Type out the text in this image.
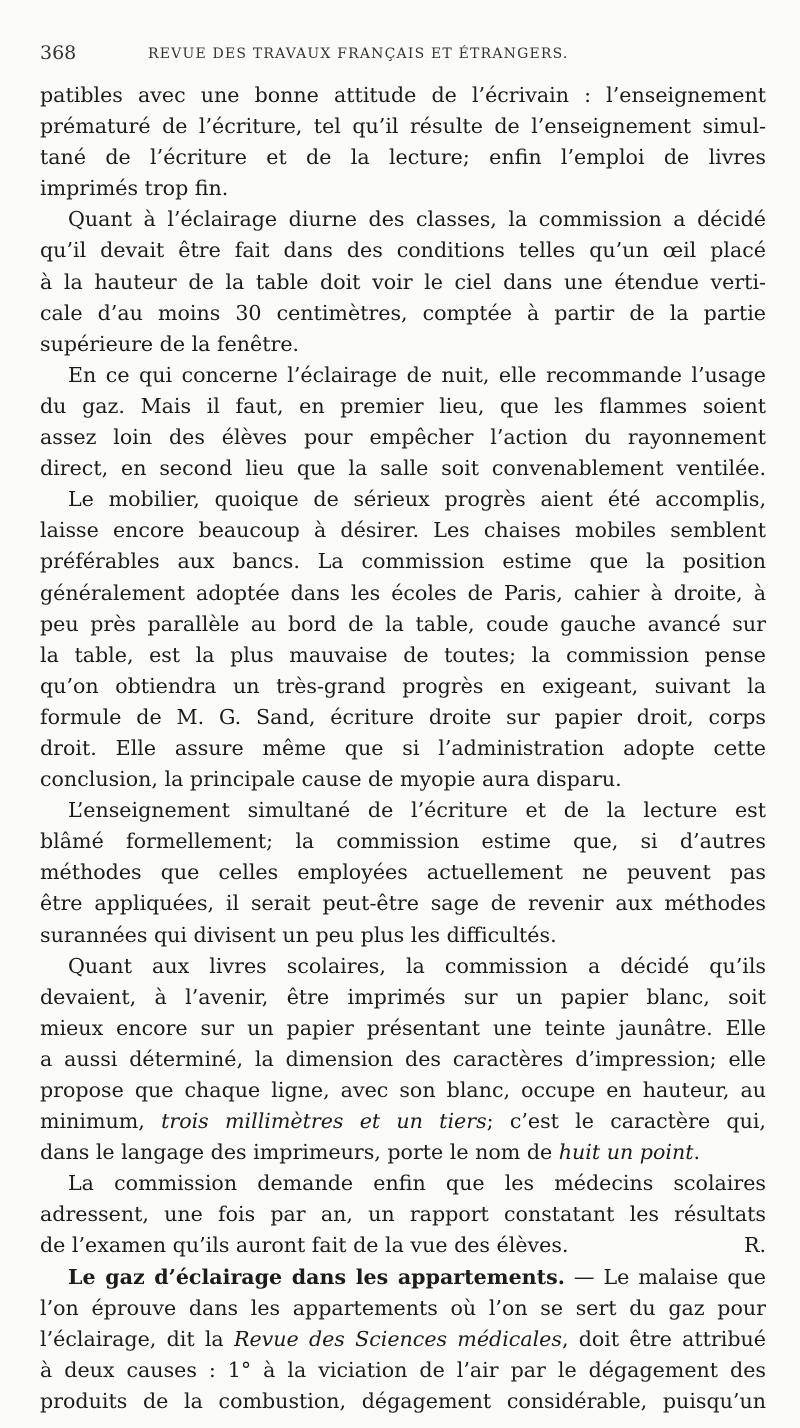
368	REVUE DES TRAVAUX FRANÇAIS ET ÉTRANGERS.
patibles avec une bonne attitude de l’écrivain : l’enseignement
prématuré de l’écriture, tel qu’il résulte de l’enseignement simul-
tané de l’écriture et de la lecture; enfin l’emploi de livres
imprimés trop fin.
Quant à l’éclairage diurne des classes, la commission a décidé
qu’il devait être fait dans des conditions telles qu’un œil placé
à la hauteur de la table doit voir le ciel dans une étendue verti-
cale d’au moins 30 centimètres, comptée à partir de la partie
supérieure de la fenêtre.
En ce qui concerne l’éclairage de nuit, elle recommande l’usage
du gaz. Mais il faut, en premier lieu, que les flammes soient
assez loin des élèves pour empêcher l’action du rayonnement
direct, en second lieu que la salle soit convenablement ventilée.
Le mobilier, quoique de sérieux progrès aient été accomplis,
laisse encore beaucoup à désirer. Les chaises mobiles semblent
préférables aux bancs. La commission estime que la position
généralement adoptée dans les écoles de Paris, cahier à droite, à
peu près parallèle au bord de la table, coude gauche avancé sur
la table, est la plus mauvaise de toutes; la commission pense
qu’on obtiendra un très-grand progrès en exigeant, suivant la
formule de M. G. Sand, écriture droite sur papier droit, corps
droit. Elle assure même que si l’administration adopte cette
conclusion, la principale cause de myopie aura disparu.
L’enseignement simultané de l’écriture et de la lecture est
blâmé formellement; la commission estime que, si d’autres
méthodes que celles employées actuellement ne peuvent pas
être appliquées, il serait peut-être sage de revenir aux méthodes
surannées qui divisent un peu plus les difficultés.
Quant aux livres scolaires, la commission a décidé qu’ils
devaient, à l’avenir, être imprimés sur un papier blanc, soit
mieux encore sur un papier présentant une teinte jaunâtre. Elle
a aussi déterminé, la dimension des caractères d’impression; elle
propose que chaque ligne, avec son blanc, occupe en hauteur, au
minimum, trois millimètres et un tiers; c’est le caractère qui,
dans le langage des imprimeurs, porte le nom de huit un point.
La commission demande enfin que les médecins scolaires
adressent, une fois par an, un rapport constatant les résultats
de l’examen qu’ils auront fait de la vue des élèves.	R.
Le gaz d’éclairage dans les appartements. — Le malaise que
l’on éprouve dans les appartements où l’on se sert du gaz pour
l’éclairage, dit la Revue des Sciences médicales, doit être attribué
à deux causes : 1° à la viciation de l’air par le dégagement des
produits de la combustion, dégagement considérable, puisqu’un
